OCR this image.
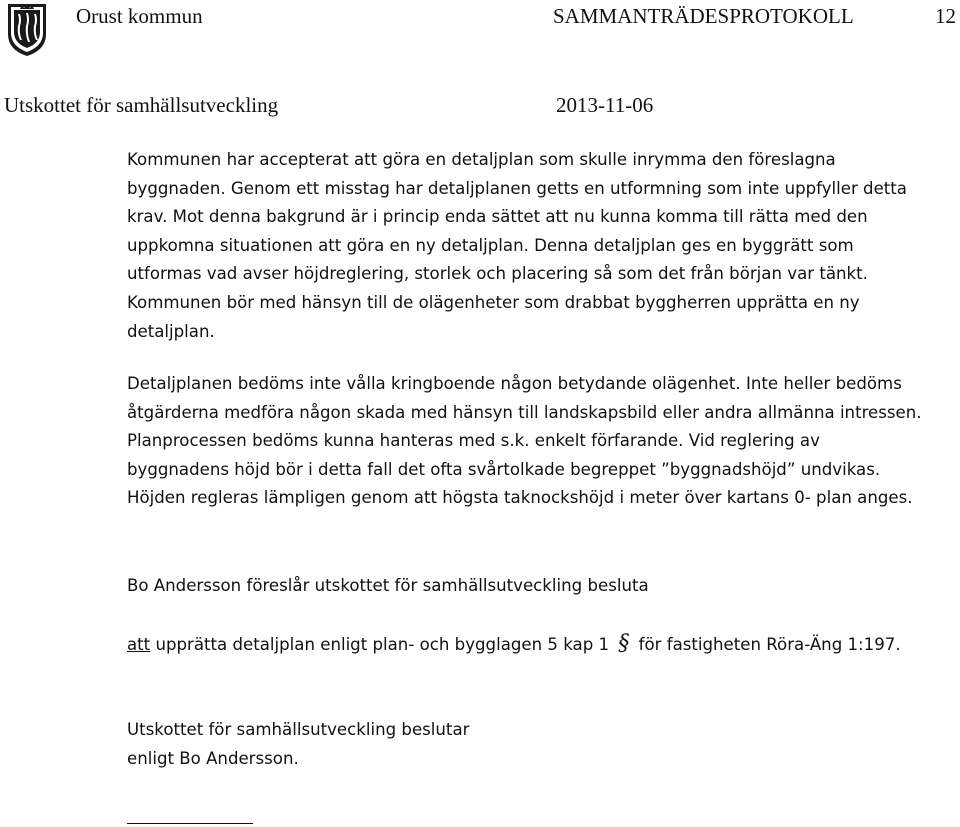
Orust kommun	SAMMANTRÄDESPROTOKOLL	12
Utskottet för samhällsutveckling	2013-11-06

Kommunen har accepterat att göra en detaljplan som skulle inrymma den föreslagna byggnaden. Genom ett misstag har detaljplanen getts en utformning som inte uppfyller detta krav. Mot denna bakgrund är i princip enda sättet att nu kunna komma till rätta med den uppkomna situationen att göra en ny detaljplan. Denna detaljplan ges en byggrätt som utformas vad avser höjdreglering, storlek och placering så som det från början var tänkt. Kommunen bör med hänsyn till de olägenheter som drabbat byggherren upprätta en ny detaljplan.

Detaljplanen bedöms inte vålla kringboende någon betydande olägenhet. Inte heller bedöms åtgärderna medföra någon skada med hänsyn till landskapsbild eller andra allmänna intressen. Planprocessen bedöms kunna hanteras med s.k. enkelt förfarande. Vid reglering av byggnadens höjd bör i detta fall det ofta svårtolkade begreppet ”byggnadshöjd” undvikas. Höjden regleras lämpligen genom att högsta taknockshöjd i meter över kartans 0- plan anges.

Bo Andersson föreslår utskottet för samhällsutveckling besluta

att upprätta detaljplan enligt plan- och bygglagen 5 kap 1 § för fastigheten Röra-Äng 1:197.

Utskottet för samhällsutveckling beslutar
enligt Bo Andersson.
